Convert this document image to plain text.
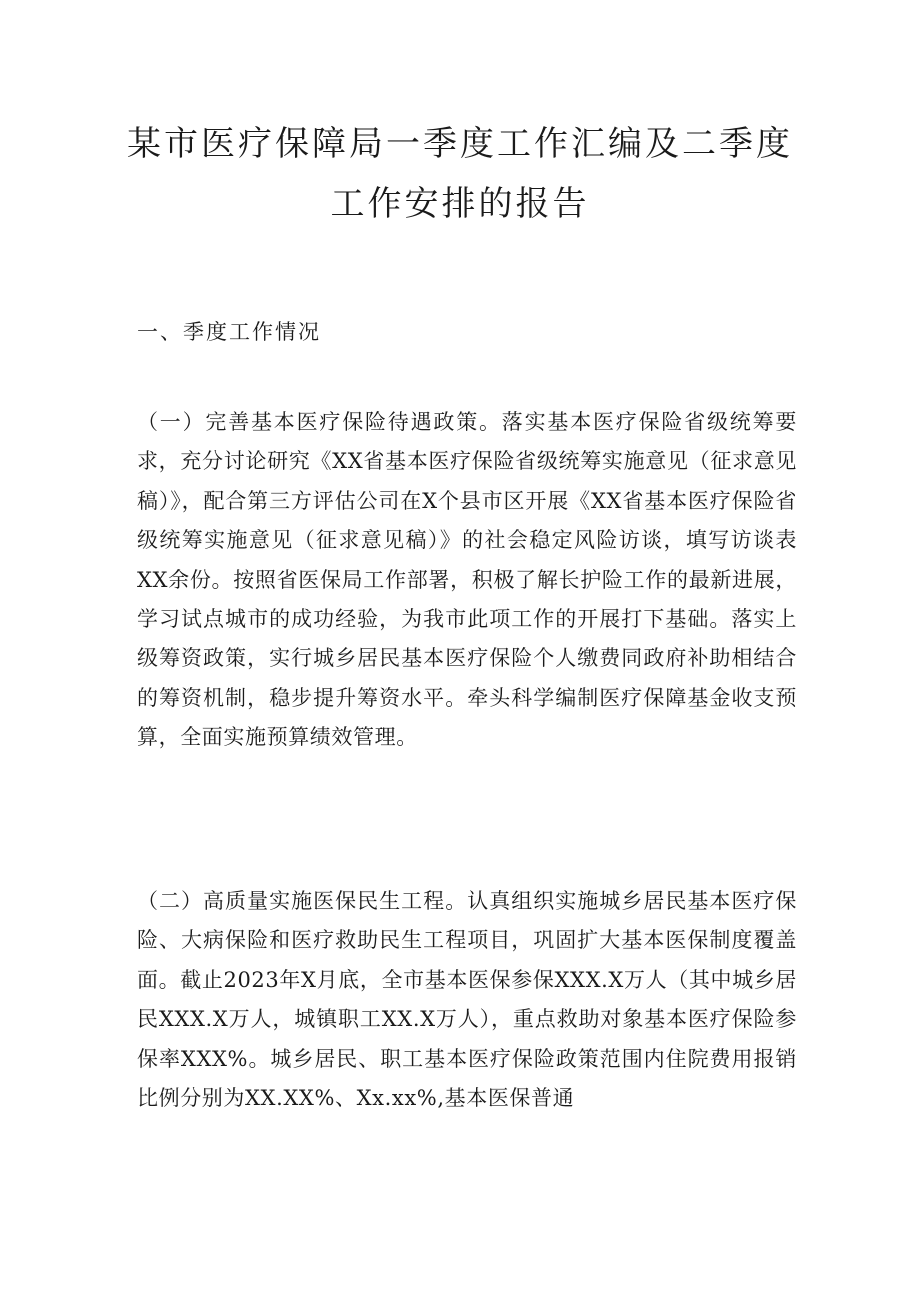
某市医疗保障局一季度工作汇编及二季度
工作安排的报告
一、季度工作情况
（一）完善基本医疗保险待遇政策。落实基本医疗保险省级统筹要求，充分讨论研究《XX省基本医疗保险省级统筹实施意见（征求意见稿）》，配合第三方评估公司在X个县市区开展《XX省基本医疗保险省级统筹实施意见（征求意见稿）》的社会稳定风险访谈，填写访谈表XX余份。按照省医保局工作部署，积极了解长护险工作的最新进展，学习试点城市的成功经验，为我市此项工作的开展打下基础。落实上级筹资政策，实行城乡居民基本医疗保险个人缴费同政府补助相结合的筹资机制，稳步提升筹资水平。牵头科学编制医疗保障基金收支预算，全面实施预算绩效管理。
（二）高质量实施医保民生工程。认真组织实施城乡居民基本医疗保险、大病保险和医疗救助民生工程项目，巩固扩大基本医保制度覆盖面。截止2023年X月底，全市基本医保参保XXX.X万人（其中城乡居民XXX.X万人，城镇职工XX.X万人），重点救助对象基本医疗保险参保率XXX%。城乡居民、职工基本医疗保险政策范围内住院费用报销比例分别为XX.XX%、Xx.xx%,基本医保普通
